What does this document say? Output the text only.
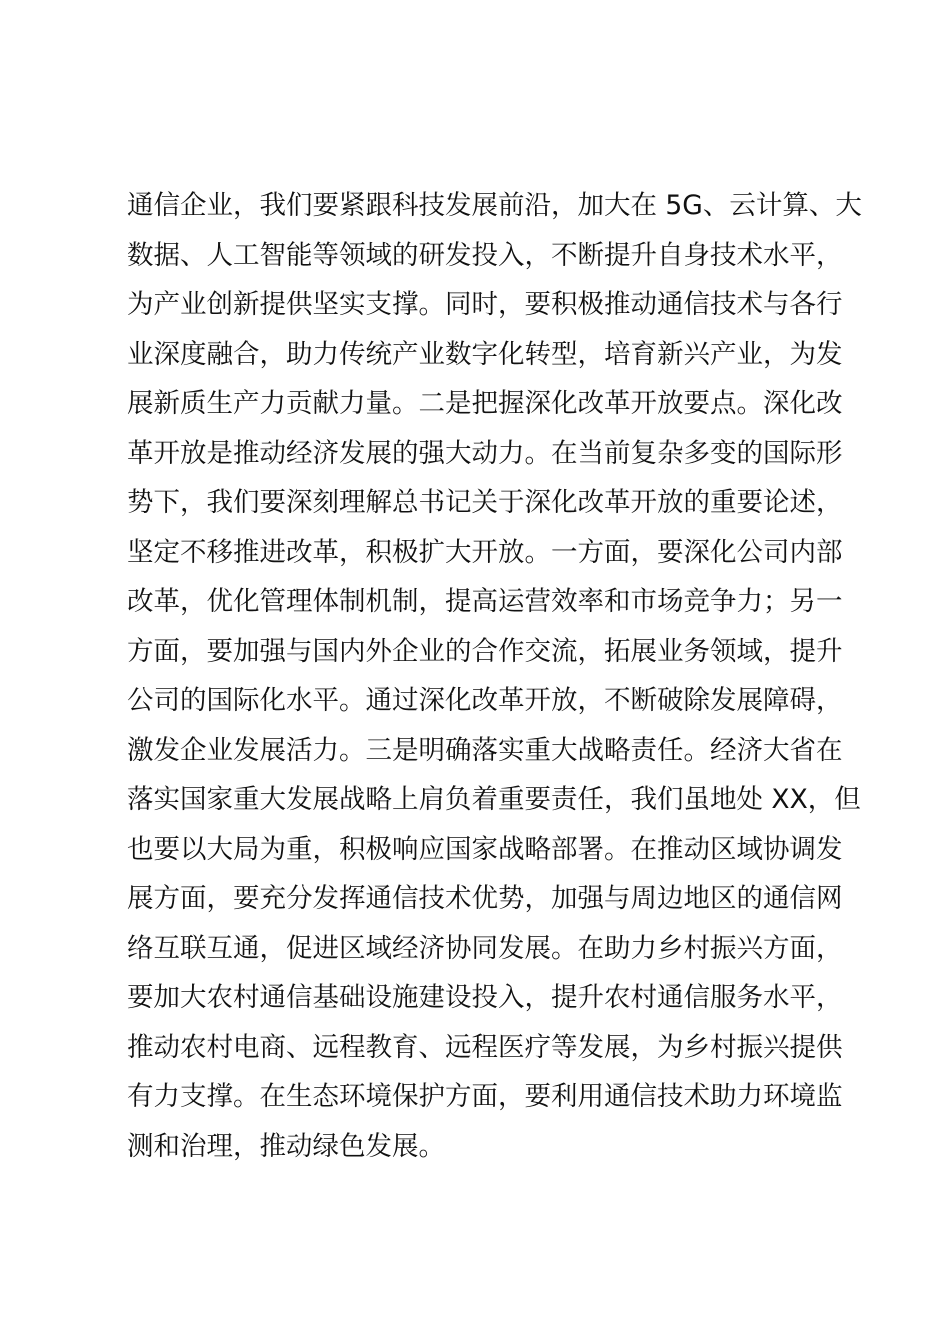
通信企业，我们要紧跟科技发展前沿，加大在 5G、云计算、大
数据、人工智能等领域的研发投入，不断提升自身技术水平，
为产业创新提供坚实支撑。同时，要积极推动通信技术与各行
业深度融合，助力传统产业数字化转型，培育新兴产业，为发
展新质生产力贡献力量。二是把握深化改革开放要点。深化改
革开放是推动经济发展的强大动力。在当前复杂多变的国际形
势下，我们要深刻理解总书记关于深化改革开放的重要论述，
坚定不移推进改革，积极扩大开放。一方面，要深化公司内部
改革，优化管理体制机制，提高运营效率和市场竞争力；另一
方面，要加强与国内外企业的合作交流，拓展业务领域，提升
公司的国际化水平。通过深化改革开放，不断破除发展障碍，
激发企业发展活力。三是明确落实重大战略责任。经济大省在
落实国家重大发展战略上肩负着重要责任，我们虽地处 XX，但
也要以大局为重，积极响应国家战略部署。在推动区域协调发
展方面，要充分发挥通信技术优势，加强与周边地区的通信网
络互联互通，促进区域经济协同发展。在助力乡村振兴方面，
要加大农村通信基础设施建设投入，提升农村通信服务水平，
推动农村电商、远程教育、远程医疗等发展，为乡村振兴提供
有力支撑。在生态环境保护方面，要利用通信技术助力环境监
测和治理，推动绿色发展。
